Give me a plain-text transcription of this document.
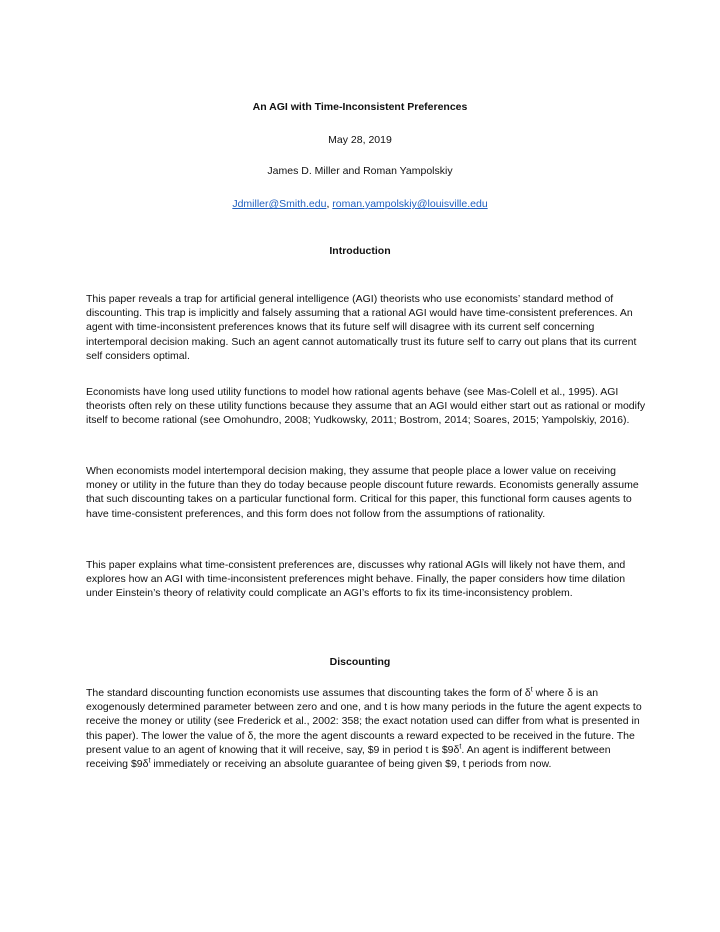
An AGI with Time-Inconsistent Preferences
May 28, 2019
James D. Miller and Roman Yampolskiy
Jdmiller@Smith.edu, roman.yampolskiy@louisville.edu
Introduction

This paper reveals a trap for artificial general intelligence (AGI) theorists who use economists’ standard method of discounting. This trap is implicitly and falsely assuming that a rational AGI would have time-consistent preferences. An agent with time-inconsistent preferences knows that its future self will disagree with its current self concerning intertemporal decision making. Such an agent cannot automatically trust its future self to carry out plans that its current self considers optimal.

Economists have long used utility functions to model how rational agents behave (see Mas-Colell et al., 1995). AGI theorists often rely on these utility functions because they assume that an AGI would either start out as rational or modify itself to become rational (see Omohundro, 2008; Yudkowsky, 2011; Bostrom, 2014; Soares, 2015; Yampolskiy, 2016).

When economists model intertemporal decision making, they assume that people place a lower value on receiving money or utility in the future than they do today because people discount future rewards. Economists generally assume that such discounting takes on a particular functional form. Critical for this paper, this functional form causes agents to have time-consistent preferences, and this form does not follow from the assumptions of rationality.

This paper explains what time-consistent preferences are, discusses why rational AGIs will likely not have them, and explores how an AGI with time-inconsistent preferences might behave. Finally, the paper considers how time dilation under Einstein’s theory of relativity could complicate an AGI’s efforts to fix its time-inconsistency problem.

Discounting

The standard discounting function economists use assumes that discounting takes the form of $\delta^t$ where δ is an exogenously determined parameter between zero and one, and t is how many periods in the future the agent expects to receive the money or utility (see Frederick et al., 2002: 358; the exact notation used can differ from what is presented in this paper). The lower the value of δ, the more the agent discounts a reward expected to be received in the future. The present value to an agent of knowing that it will receive, say, $9 in period t is $\$9\delta^t$. An agent is indifferent between receiving $\$9\delta^t$ immediately or receiving an absolute guarantee of being given $9, t periods from now.
